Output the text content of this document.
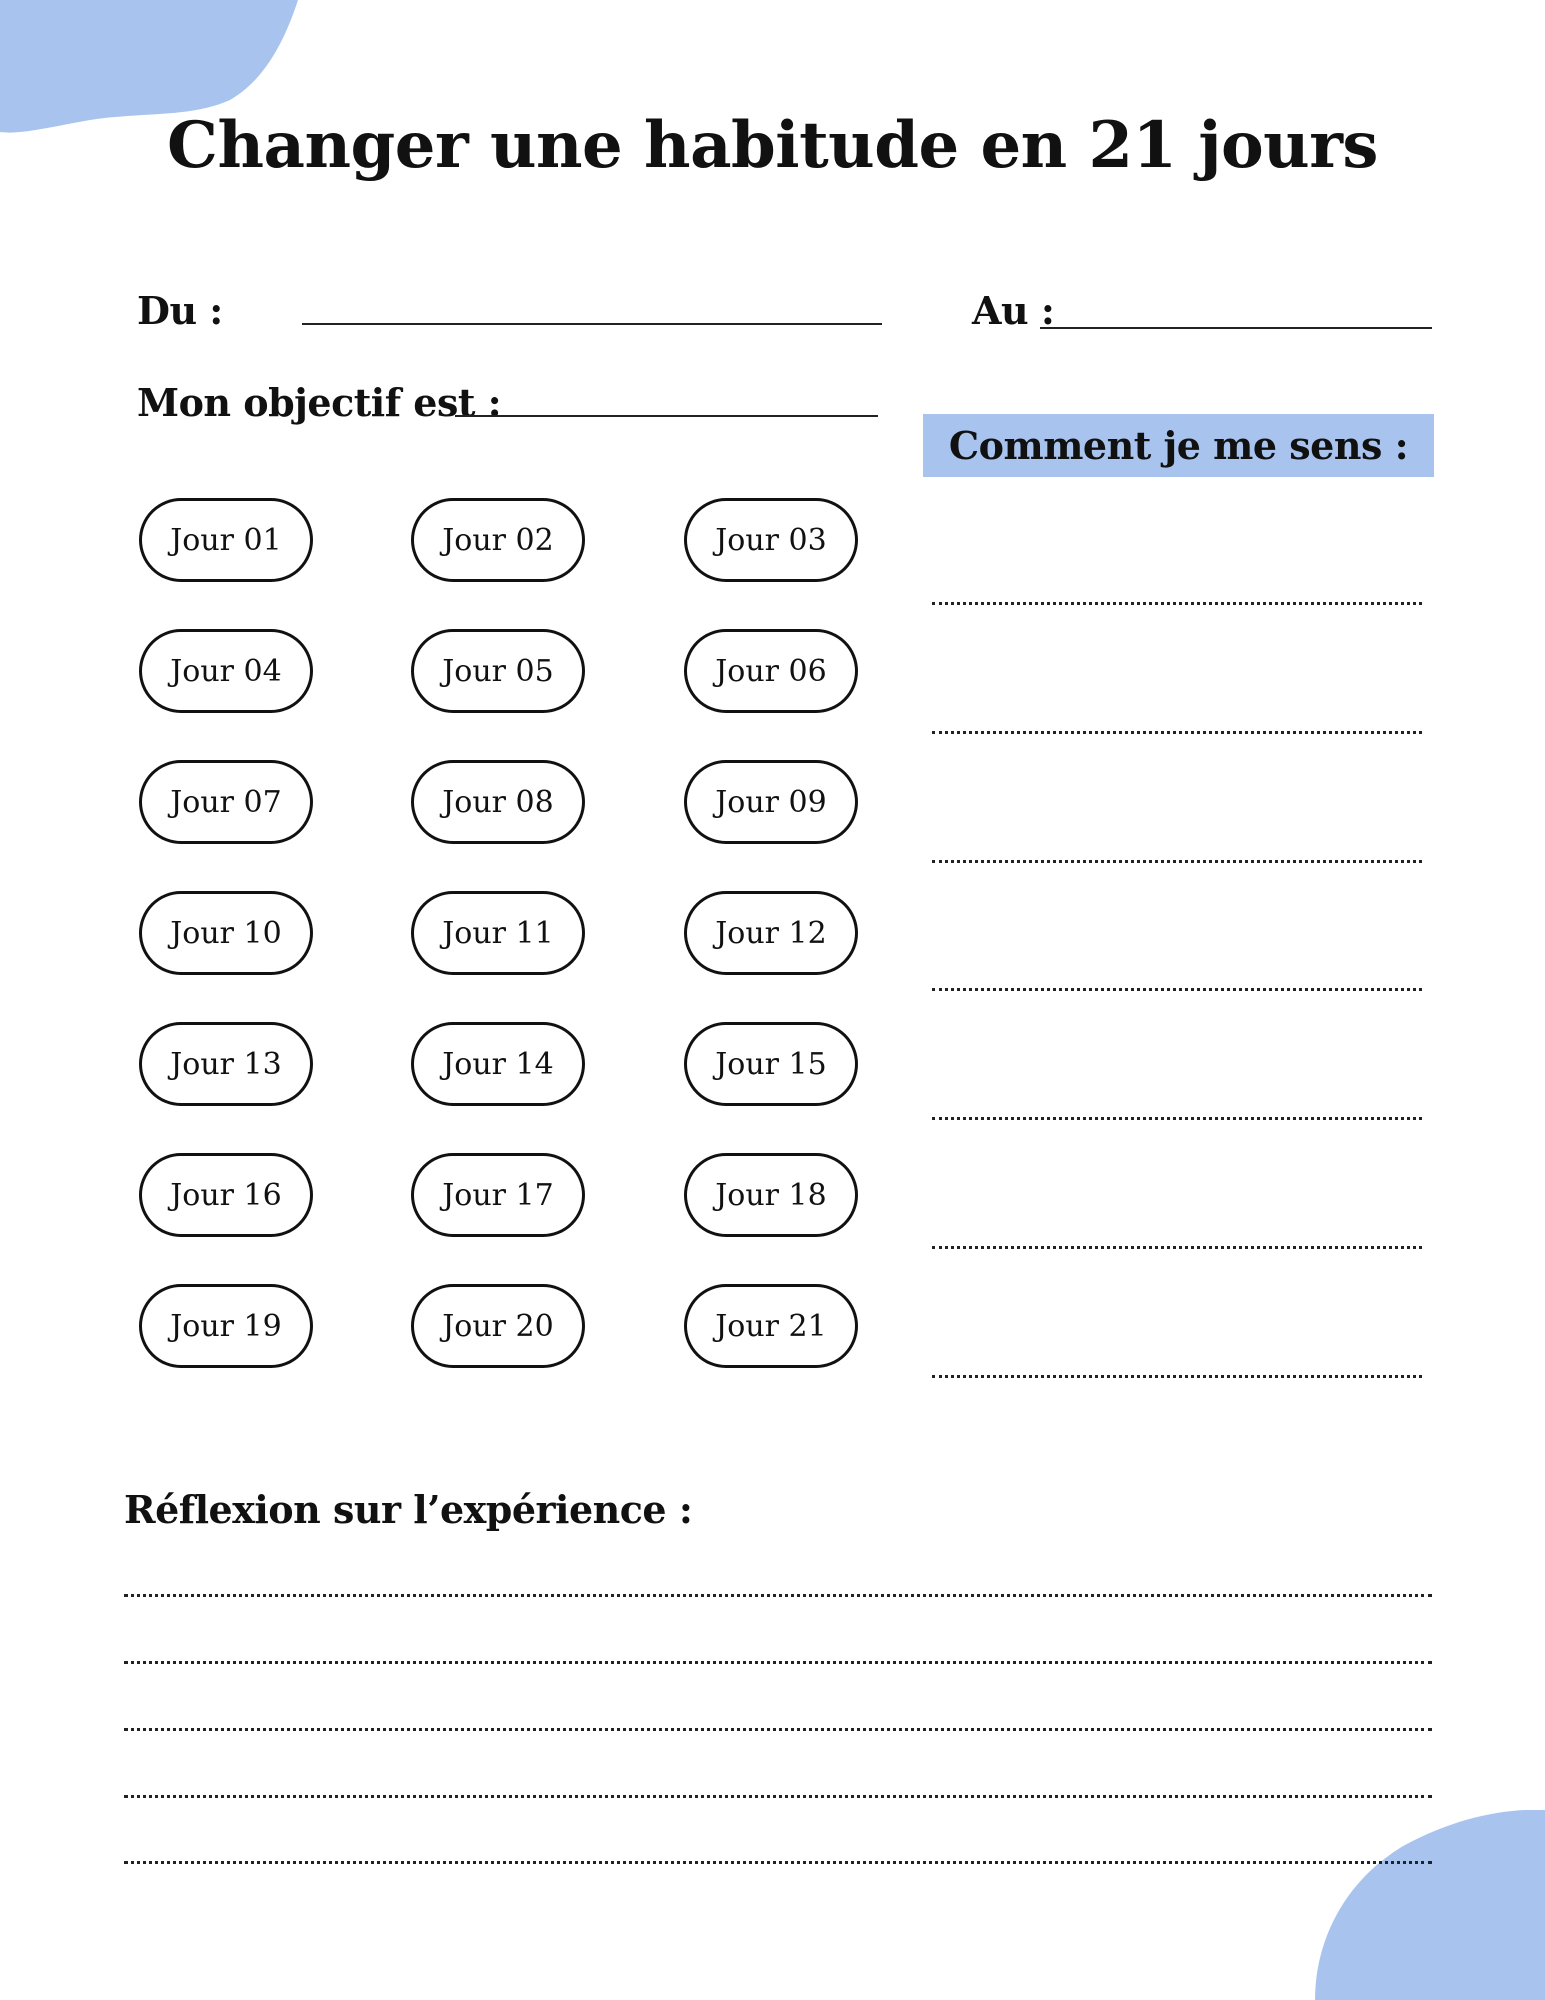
Changer une habitude en 21 jours
Du :	Au :
Mon objectif est :
Comment je me sens :
Jour 01	Jour 02	Jour 03
Jour 04	Jour 05	Jour 06
Jour 07	Jour 08	Jour 09
Jour 10	Jour 11	Jour 12
Jour 13	Jour 14	Jour 15
Jour 16	Jour 17	Jour 18
Jour 19	Jour 20	Jour 21
Réflexion sur l’expérience :
